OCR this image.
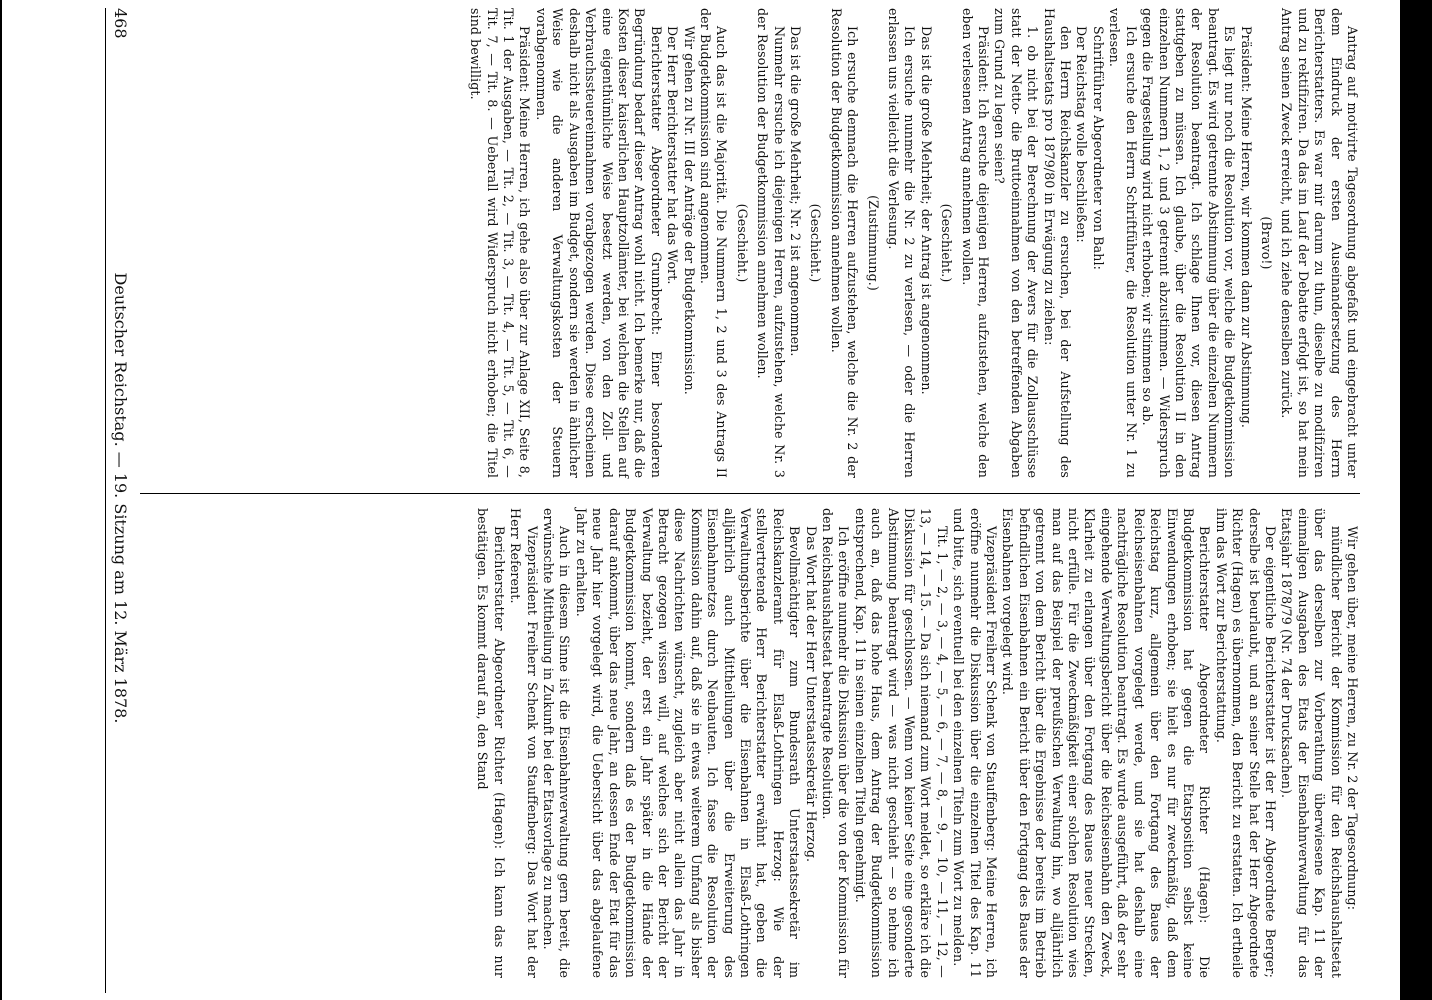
DFGDigitalisierung gefördert durch die Deutsche Forschungsgemeinschaft -
468
Deutscher Reichstag. — 19. Sitzung am 12. März 1878.

Antrag auf motivirte Tagesordnung abgefaßt und eingebracht unter dem Eindruck der ersten Auseinandersetzung des Herrn Berichterstatters. Es war mir darum zu thun, dieselbe zu modifiziren und zu rektifiziren. Da das im Lauf der Debatte erfolgt ist, so hat mein Antrag seinen Zweck erreicht, und ich ziehe denselben zurück.

(Bravo!)

Präsident: Meine Herren, wir kommen dann zur Abstimmung.

Es liegt nur noch die Resolution vor, welche die Budgetkommission beantragt. Es wird getrennte Abstimmung über die einzelnen Nummern der Resolution beantragt. Ich schlage Ihnen vor, diesen Antrag stattgeben zu müssen. Ich glaube, über die Resolution II in den einzelnen Nummern 1, 2 und 3 getrennt abzustimmen. — Widerspruch gegen die Fragestellung wird nicht erhoben; wir stimmen so ab.

Ich ersuche den Herrn Schriftführer, die Resolution unter Nr. 1 zu verlesen.

Schriftführer Abgeordneter von Bahl:

Der Reichstag wolle beschließen:

den Herrn Reichskanzler zu ersuchen, bei der Aufstellung des Haushaltsetats pro 1879/80 in Erwägung zu ziehen:

1. ob nicht bei der Berechnung der Avers für die Zollausschlüsse statt der Netto- die Bruttoeinnahmen von den betreffenden Abgaben zum Grund zu legen seien?

Präsident: Ich ersuche diejenigen Herren, aufzustehen, welche den eben verlesenen Antrag annehmen wollen.

(Geschieht.)

Das ist die große Mehrheit; der Antrag ist angenommen.

Ich ersuche nunmehr die Nr. 2 zu verlesen, — oder die Herren erlassen uns vielleicht die Verlesung.

(Zustimmung.)

Ich ersuche demnach die Herren aufzustehen, welche die Nr. 2 der Resolution der Budgetkommission annehmen wollen.

(Geschieht.)

Das ist die große Mehrheit; Nr. 2 ist angenommen.

Nunmehr ersuche ich diejenigen Herren, aufzustehen, welche Nr. 3 der Resolution der Budgetkommission annehmen wollen.

(Geschieht.)

Auch das ist die Majorität. Die Nummern 1, 2 und 3 des Antrags II der Budgetkommission sind angenommen.

Wir gehen zu Nr. III der Anträge der Budgetkommission.

Der Herr Berichterstatter hat das Wort.

Berichterstatter Abgeordneter Grumbrecht: Einer besonderen Begründung bedarf dieser Antrag wohl nicht. Ich bemerke nur, daß die Kosten dieser kaiserlichen Hauptzollämter, bei welchen die Stellen auf eine eigenthümliche Weise besetzt werden, von den Zoll- und Verbrauchssteuereinnahmen vorabgezogen werden. Diese erscheinen deshalb nicht als Ausgaben im Budget, sondern sie werden in ähnlicher Weise wie die anderen Verwaltungskosten der Steuern vorabgenommen.

Präsident: Meine Herren, ich gehe also über zur Anlage XII, Seite 8, Tit. 1 der Ausgaben, — Tit. 2, — Tit. 3, — Tit. 4, — Tit. 5, — Tit. 6, — Tit. 7, — Tit. 8. — Ueberall wird Widerspruch nicht erhoben; die Titel sind bewilligt.

Wir gehen über, meine Herren, zu Nr. 2 der Tagesordnung:

mündlicher Bericht der Kommission für den Reichshaushaltsetat über das derselben zur Vorberathung überwiesene Kap. 11 der einmaligen Ausgaben des Etats der Eisenbahnverwaltung für das Etatsjahr 1878/79 (Nr. 74 der Drucksachen).

Der eigentliche Berichterstatter ist der Herr Abgeordnete Berger; derselbe ist beurlaubt, und an seiner Stelle hat der Herr Abgeordnete Richter (Hagen) es übernommen, den Bericht zu erstatten. Ich ertheile ihm das Wort zur Berichterstattung.

Berichterstatter Abgeordneter Richter (Hagen): Die Budgetkommission hat gegen die Etatsposition selbst keine Einwendungen erhoben; sie hielt es nur für zweckmäßig, daß dem Reichstag kurz, allgemein über den Fortgang des Baues der Reichseisenbahnen vorgelegt werde, und sie hat deshalb eine nachträgliche Resolution beantragt. Es wurde ausgeführt, daß der sehr eingehende Verwaltungsbericht über die Reichseisenbahn den Zweck, Klarheit zu erlangen über den Fortgang des Baues neuer Strecken, nicht erfülle. Für die Zweckmäßigkeit einer solchen Resolution wies man auf das Beispiel der preußischen Verwaltung hin, wo alljährlich getrennt von dem Bericht über die Ergebnisse der bereits im Betrieb befindlichen Eisenbahnen ein Bericht über den Fortgang des Baues der Eisenbahnen vorgelegt wird.

Vizepräsident Freiherr Schenk von Stauffenberg: Meine Herren, ich eröffne nunmehr die Diskussion über die einzelnen Titel des Kap. 11 und bitte, sich eventuell bei den einzelnen Titeln zum Wort zu melden.

Tit. 1, — 2, — 3, — 4, — 5, — 6, — 7, — 8, — 9, — 10, — 11, — 12, — 13, — 14, — 15. — Da sich niemand zum Wort meldet, so erkläre ich die Diskussion für geschlossen. — Wenn von keiner Seite eine gesonderte Abstimmung beantragt wird — was nicht geschieht — so nehme ich auch an, daß das hohe Haus, dem Antrag der Budgetkommission entsprechend, Kap. 11 in seinen einzelnen Titeln genehmigt.

Ich eröffne nunmehr die Diskussion über die von der Kommission für den Reichshaushaltsetat beantragte Resolution.

Das Wort hat der Herr Unterstaatssekretär Herzog.

Bevollmächtigter zum Bundesrath Unterstaatssekretär im Reichskanzleramt für Elsaß-Lothringen Herzog: Wie der stellvertretende Herr Berichterstatter erwähnt hat, geben die Verwaltungsberichte über die Eisenbahnen in Elsaß-Lothringen alljährlich auch Mittheilungen über die Erweiterung des Eisenbahnnetzes durch Neubauten. Ich fasse die Resolution der Kommission dahin auf, daß sie in etwas weiterem Umfang als bisher diese Nachrichten wünscht, zugleich aber nicht allein das Jahr in Betracht gezogen wissen will, auf welches sich der Bericht der Verwaltung bezieht, der erst ein Jahr später in die Hände der Budgetkommission kommt, sondern daß es der Budgetkommission darauf ankommt, über das neue Jahr, an dessen Ende der Etat für das neue Jahr hier vorgelegt wird, die Uebersicht über das abgelaufene Jahr zu erhalten.

Auch in diesem Sinne ist die Eisenbahnverwaltung gern bereit, die erwünschte Mittheilung in Zukunft bei der Etatsvorlage zu machen.

Vizepräsident Freiherr Schenk von Stauffenberg: Das Wort hat der Herr Referent.

Berichterstatter Abgeordneter Richter (Hagen): Ich kann das nur bestätigen. Es kommt darauf an, den Stand
